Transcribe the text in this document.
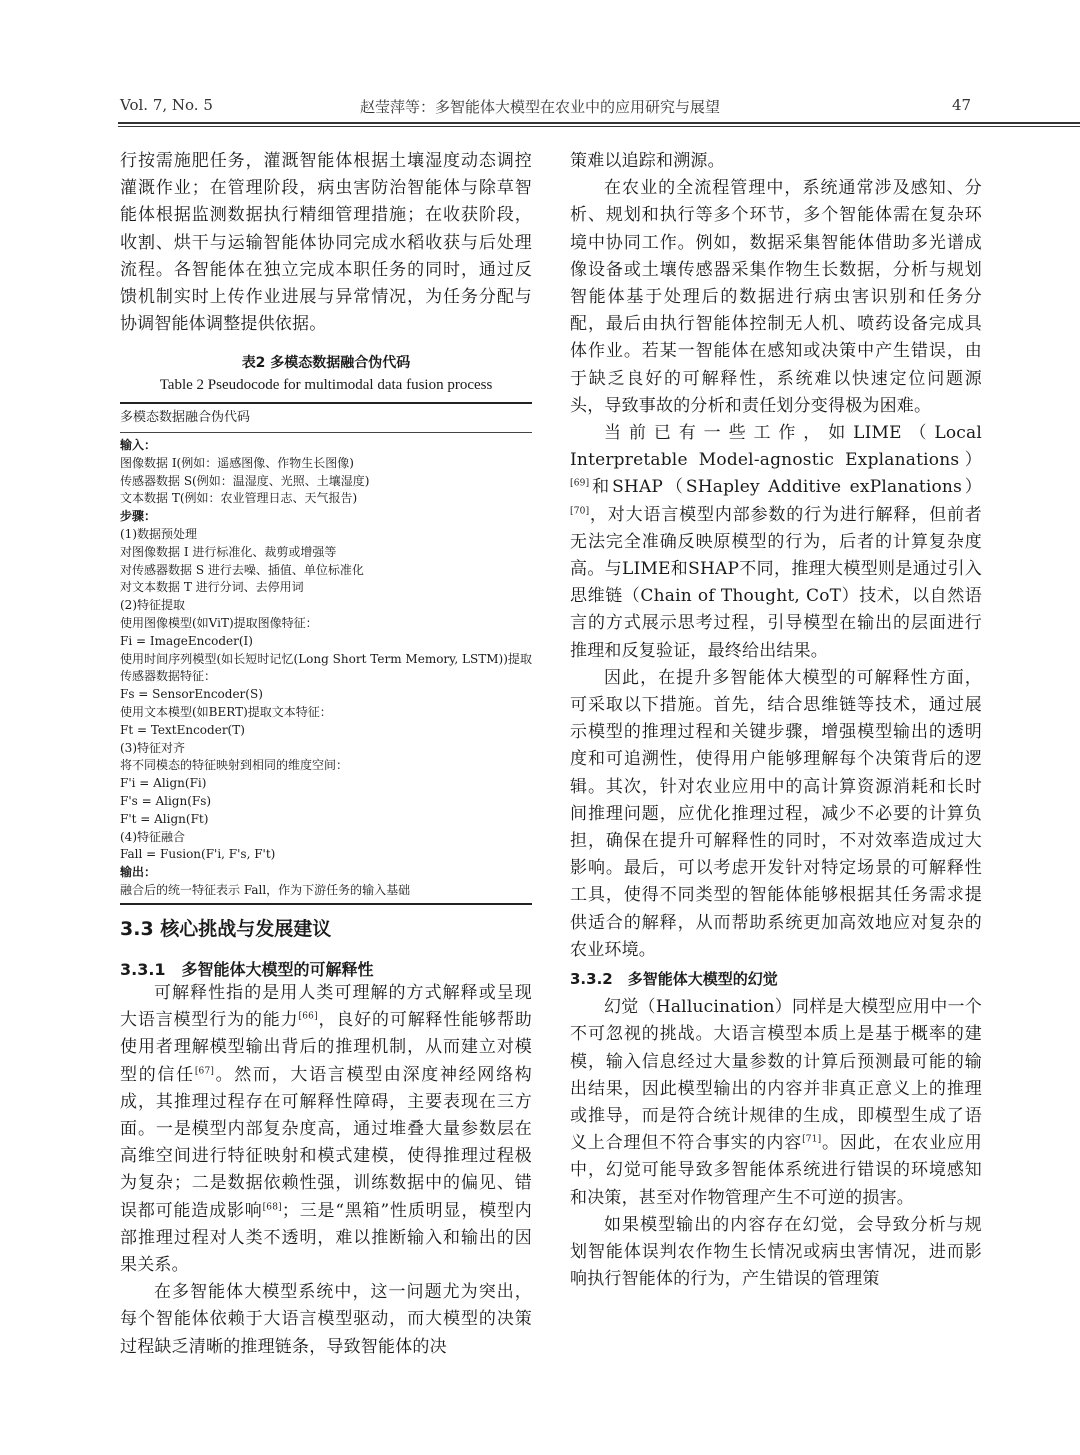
Vol. 7, No. 5	赵莹萍等：多智能体大模型在农业中的应用研究与展望	47

行按需施肥任务，灌溉智能体根据土壤湿度动态调控灌溉作业；在管理阶段，病虫害防治智能体与除草智能体根据监测数据执行精细管理措施；在收获阶段，收割、烘干与运输智能体协同完成水稻收获与后处理流程。各智能体在独立完成本职任务的同时，通过反馈机制实时上传作业进展与异常情况，为任务分配与协调智能体调整提供依据。

表2 多模态数据融合伪代码
Table 2 Pseudocode for multimodal data fusion process
多模态数据融合伪代码
输入：
图像数据 I(例如：遥感图像、作物生长图像)
传感器数据 S(例如：温湿度、光照、土壤湿度)
文本数据 T(例如：农业管理日志、天气报告)
步骤：
(1)数据预处理
对图像数据 I 进行标准化、裁剪或增强等
对传感器数据 S 进行去噪、插值、单位标准化
对文本数据 T 进行分词、去停用词
(2)特征提取
使用图像模型(如ViT)提取图像特征：
Fi = ImageEncoder(I)
使用时间序列模型(如长短时记忆(Long Short Term Memory, LSTM))提取传感器数据特征：
Fs = SensorEncoder(S)
使用文本模型(如BERT)提取文本特征：
Ft = TextEncoder(T)
(3)特征对齐
将不同模态的特征映射到相同的维度空间：
F'i = Align(Fi)
F's = Align(Fs)
F't = Align(Ft)
(4)特征融合
Fall = Fusion(F'i, F's, F't)
输出：
融合后的统一特征表示 Fall，作为下游任务的输入基础
3.3 核心挑战与发展建议
3.3.1　多智能体大模型的可解释性

可解释性指的是用人类可理解的方式解释或呈现大语言模型行为的能力[66]，良好的可解释性能够帮助使用者理解模型输出背后的推理机制，从而建立对模型的信任[67]。然而，大语言模型由深度神经网络构成，其推理过程存在可解释性障碍，主要表现在三方面。一是模型内部复杂度高，通过堆叠大量参数层在高维空间进行特征映射和模式建模，使得推理过程极为复杂；二是数据依赖性强，训练数据中的偏见、错误都可能造成影响[68]；三是“黑箱”性质明显，模型内部推理过程对人类不透明，难以推断输入和输出的因果关系。

在多智能体大模型系统中，这一问题尤为突出，每个智能体依赖于大语言模型驱动，而大模型的决策过程缺乏清晰的推理链条，导致智能体的决

策难以追踪和溯源。

在农业的全流程管理中，系统通常涉及感知、分析、规划和执行等多个环节，多个智能体需在复杂环境中协同工作。例如，数据采集智能体借助多光谱成像设备或土壤传感器采集作物生长数据，分析与规划智能体基于处理后的数据进行病虫害识别和任务分配，最后由执行智能体控制无人机、喷药设备完成具体作业。若某一智能体在感知或决策中产生错误，由于缺乏良好的可解释性，系统难以快速定位问题源头，导致事故的分析和责任划分变得极为困难。

当前已有一些工作，如LIME（Local Interpretable Model-agnostic Explanations）[69]和SHAP（SHapley Additive exPlanations）[70]，对大语言模型内部参数的行为进行解释，但前者无法完全准确反映原模型的行为，后者的计算复杂度高。与LIME和SHAP不同，推理大模型则是通过引入思维链（Chain of Thought, CoT）技术，以自然语言的方式展示思考过程，引导模型在输出的层面进行推理和反复验证，最终给出结果。

因此，在提升多智能体大模型的可解释性方面，可采取以下措施。首先，结合思维链等技术，通过展示模型的推理过程和关键步骤，增强模型输出的透明度和可追溯性，使得用户能够理解每个决策背后的逻辑。其次，针对农业应用中的高计算资源消耗和长时间推理问题，应优化推理过程，减少不必要的计算负担，确保在提升可解释性的同时，不对效率造成过大影响。最后，可以考虑开发针对特定场景的可解释性工具，使得不同类型的智能体能够根据其任务需求提供适合的解释，从而帮助系统更加高效地应对复杂的农业环境。

3.3.2　多智能体大模型的幻觉

幻觉（Hallucination）同样是大模型应用中一个不可忽视的挑战。大语言模型本质上是基于概率的建模，输入信息经过大量参数的计算后预测最可能的输出结果，因此模型输出的内容并非真正意义上的推理或推导，而是符合统计规律的生成，即模型生成了语义上合理但不符合事实的内容[71]。因此，在农业应用中，幻觉可能导致多智能体系统进行错误的环境感知和决策，甚至对作物管理产生不可逆的损害。

如果模型输出的内容存在幻觉，会导致分析与规划智能体误判农作物生长情况或病虫害情况，进而影响执行智能体的行为，产生错误的管理策
